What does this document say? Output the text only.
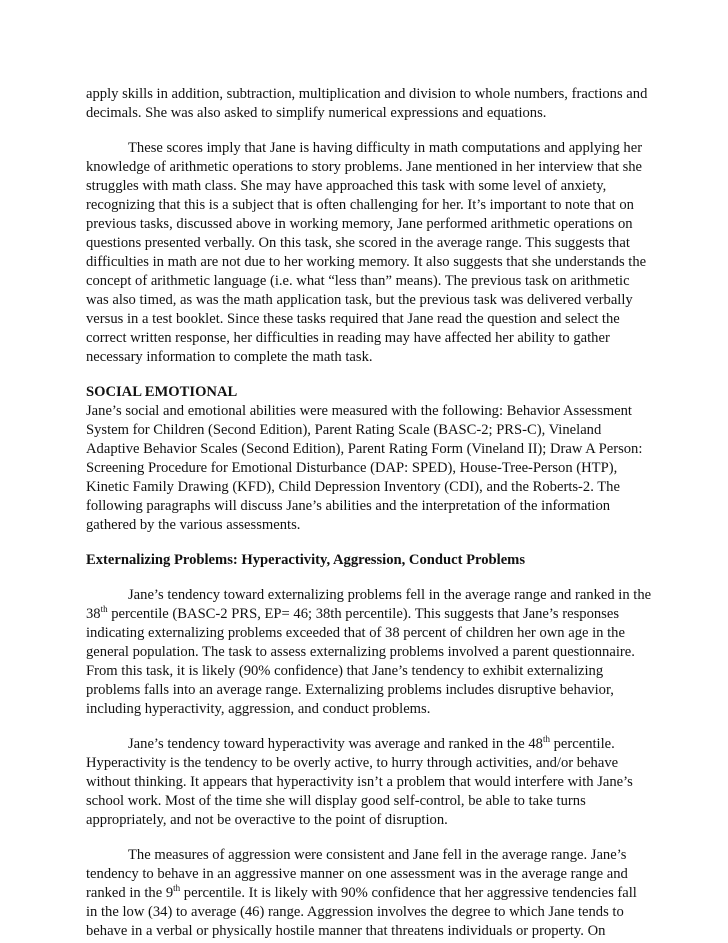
apply skills in addition, subtraction, multiplication and division to whole numbers, fractions and
decimals. She was also asked to simplify numerical expressions and equations.
These scores imply that Jane is having difficulty in math computations and applying her
knowledge of arithmetic operations to story problems. Jane mentioned in her interview that she
struggles with math class. She may have approached this task with some level of anxiety,
recognizing that this is a subject that is often challenging for her. It’s important to note that on
previous tasks, discussed above in working memory, Jane performed arithmetic operations on
questions presented verbally. On this task, she scored in the average range. This suggests that
difficulties in math are not due to her working memory. It also suggests that she understands the
concept of arithmetic language (i.e. what “less than” means). The previous task on arithmetic
was also timed, as was the math application task, but the previous task was delivered verbally
versus in a test booklet. Since these tasks required that Jane read the question and select the
correct written response, her difficulties in reading may have affected her ability to gather
necessary information to complete the math task.
SOCIAL EMOTIONAL
Jane’s social and emotional abilities were measured with the following: Behavior Assessment
System for Children (Second Edition), Parent Rating Scale (BASC-2; PRS-C), Vineland
Adaptive Behavior Scales (Second Edition), Parent Rating Form (Vineland II); Draw A Person:
Screening Procedure for Emotional Disturbance (DAP: SPED), House-Tree-Person (HTP),
Kinetic Family Drawing (KFD), Child Depression Inventory (CDI), and the Roberts-2. The
following paragraphs will discuss Jane’s abilities and the interpretation of the information
gathered by the various assessments.
Externalizing Problems: Hyperactivity, Aggression, Conduct Problems
Jane’s tendency toward externalizing problems fell in the average range and ranked in the
38th percentile (BASC-2 PRS, EP= 46; 38th percentile). This suggests that Jane’s responses
indicating externalizing problems exceeded that of 38 percent of children her own age in the
general population. The task to assess externalizing problems involved a parent questionnaire.
From this task, it is likely (90% confidence) that Jane’s tendency to exhibit externalizing
problems falls into an average range. Externalizing problems includes disruptive behavior,
including hyperactivity, aggression, and conduct problems.
Jane’s tendency toward hyperactivity was average and ranked in the 48th percentile.
Hyperactivity is the tendency to be overly active, to hurry through activities, and/or behave
without thinking. It appears that hyperactivity isn’t a problem that would interfere with Jane’s
school work. Most of the time she will display good self-control, be able to take turns
appropriately, and not be overactive to the point of disruption.
The measures of aggression were consistent and Jane fell in the average range. Jane’s
tendency to behave in an aggressive manner on one assessment was in the average range and
ranked in the 9th percentile. It is likely with 90% confidence that her aggressive tendencies fall
in the low (34) to average (46) range. Aggression involves the degree to which Jane tends to
behave in a verbal or physically hostile manner that threatens individuals or property. On
